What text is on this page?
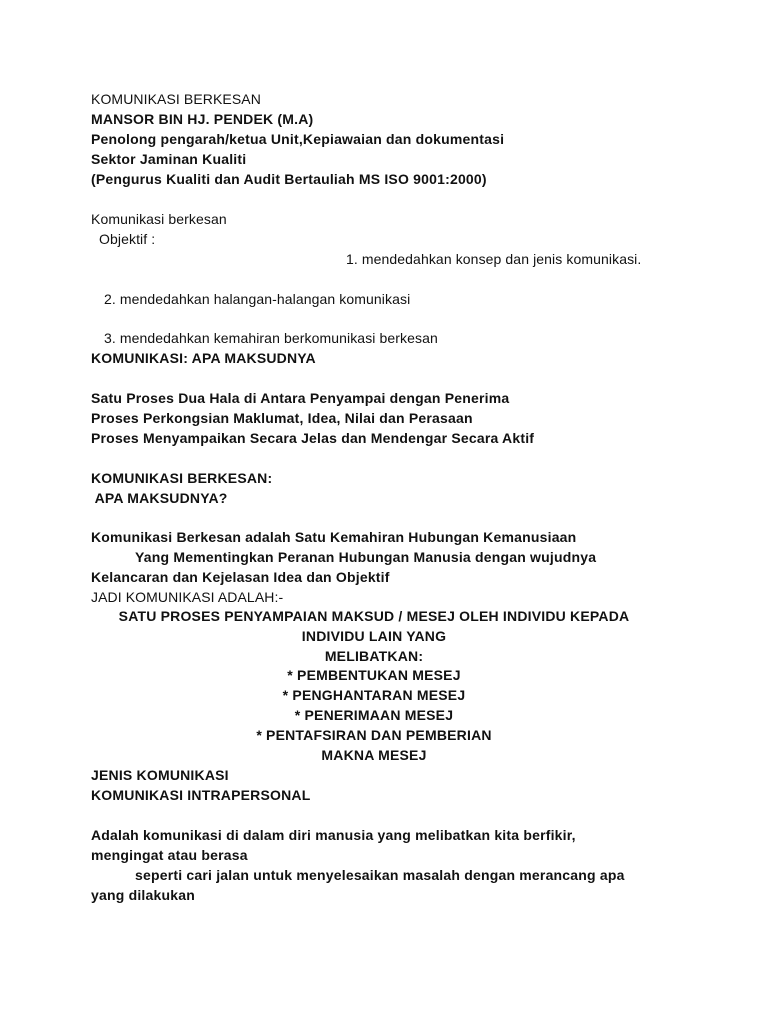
KOMUNIKASI BERKESAN
MANSOR BIN HJ. PENDEK (M.A)
Penolong pengarah/ketua Unit,Kepiawaian dan dokumentasi
Sektor Jaminan Kualiti
(Pengurus Kualiti dan Audit Bertauliah MS ISO 9001:2000)
Komunikasi berkesan
Objektif :
1. mendedahkan konsep dan jenis komunikasi.
2. mendedahkan halangan-halangan komunikasi
3. mendedahkan kemahiran berkomunikasi berkesan
KOMUNIKASI: APA MAKSUDNYA
Satu Proses Dua Hala di Antara Penyampai dengan Penerima
Proses Perkongsian Maklumat, Idea, Nilai dan Perasaan
Proses Menyampaikan Secara Jelas dan Mendengar Secara Aktif
KOMUNIKASI BERKESAN:
APA MAKSUDNYA?
Komunikasi Berkesan adalah Satu Kemahiran Hubungan Kemanusiaan
Yang Mementingkan Peranan Hubungan Manusia dengan wujudnya
Kelancaran dan Kejelasan Idea dan Objektif
JADI KOMUNIKASI ADALAH:-
SATU PROSES PENYAMPAIAN MAKSUD / MESEJ OLEH INDIVIDU KEPADA
INDIVIDU LAIN YANG
MELIBATKAN:
* PEMBENTUKAN MESEJ
* PENGHANTARAN MESEJ
* PENERIMAAN MESEJ
* PENTAFSIRAN DAN PEMBERIAN
MAKNA MESEJ
JENIS KOMUNIKASI
KOMUNIKASI INTRAPERSONAL
Adalah komunikasi di dalam diri manusia yang melibatkan kita berfikir,
mengingat atau berasa
seperti cari jalan untuk menyelesaikan masalah dengan merancang apa
yang dilakukan
